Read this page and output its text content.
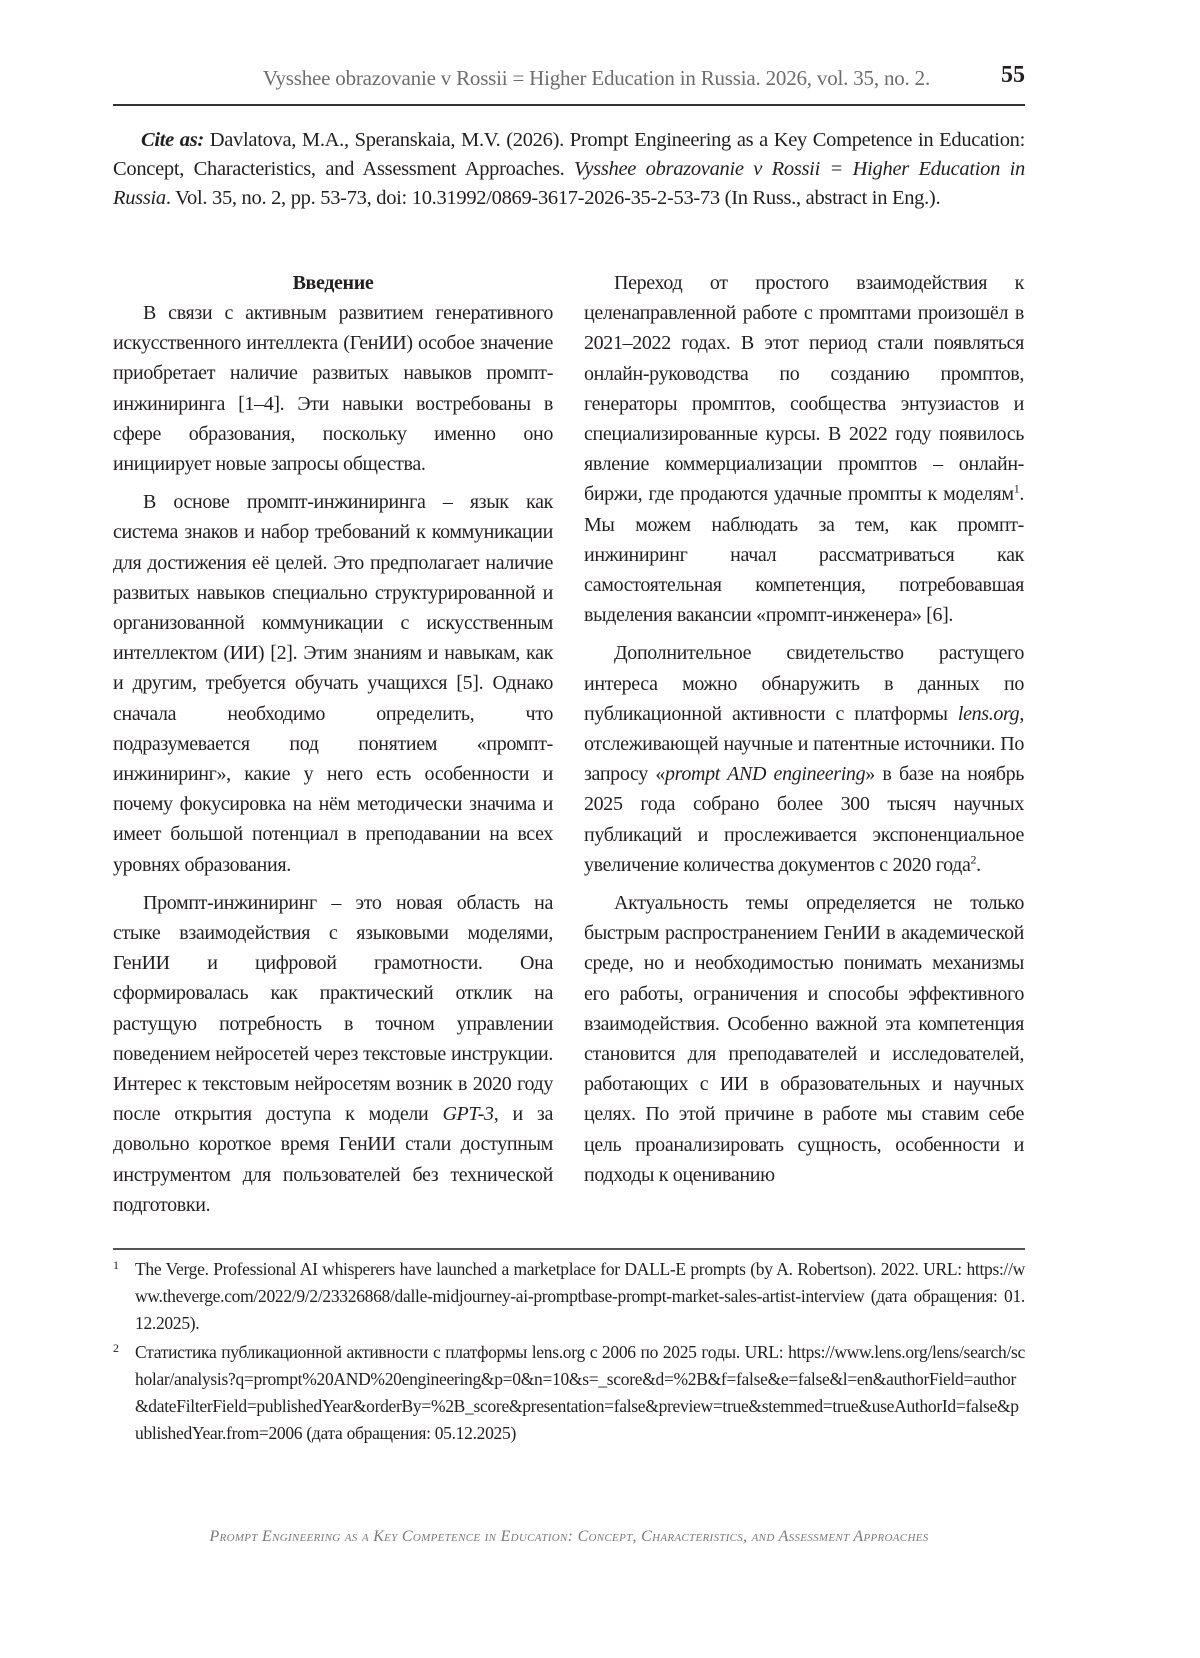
Vysshee obrazovanie v Rossii = Higher Education in Russia. 2026, vol. 35, no. 2.	55
Cite as: Davlatova, M.A., Speranskaia, M.V. (2026). Prompt Engineering as a Key Competence in Education: Concept, Characteristics, and Assessment Approaches. Vysshee obrazovanie v Rossii = Higher Education in Russia. Vol. 35, no. 2, pp. 53-73, doi: 10.31992/0869-3617-2026-35-2-53-73 (In Russ., abstract in Eng.).
Введение

В связи с активным развитием генеративного искусственного интеллекта (ГенИИ) особое значение приобретает наличие развитых навыков промпт-инжиниринга [1–4]. Эти навыки востребованы в сфере образования, поскольку именно оно инициирует новые запросы общества.

В основе промпт-инжиниринга – язык как система знаков и набор требований к коммуникации для достижения её целей. Это предполагает наличие развитых навыков специально структурированной и организованной коммуникации с искусственным интеллектом (ИИ) [2]. Этим знаниям и навыкам, как и другим, требуется обучать учащихся [5]. Однако сначала необходимо определить, что подразумевается под понятием «промпт-инжиниринг», какие у него есть особенности и почему фокусировка на нём методически значима и имеет большой потенциал в преподавании на всех уровнях образования.

Промпт-инжиниринг – это новая область на стыке взаимодействия с языковыми моделями, ГенИИ и цифровой грамотности. Она сформировалась как практический отклик на растущую потребность в точном управлении поведением нейросетей через текстовые инструкции. Интерес к текстовым нейросетям возник в 2020 году после открытия доступа к модели GPT-3, и за довольно короткое время ГенИИ стали доступным инструментом для пользователей без технической подготовки.

Переход от простого взаимодействия к целенаправленной работе с промптами произошёл в 2021–2022 годах. В этот период стали появляться онлайн-руководства по созданию промптов, генераторы промптов, сообщества энтузиастов и специализированные курсы. В 2022 году появилось явление коммерциализации промптов – онлайн-биржи, где продаются удачные промпты к моделям$^1$. Мы можем наблюдать за тем, как промпт-инжиниринг начал рассматриваться как самостоятельная компетенция, потребовавшая выделения вакансии «промпт-инженера» [6].

Дополнительное свидетельство растущего интереса можно обнаружить в данных по публикационной активности с платформы lens.org, отслеживающей научные и патентные источники. По запросу «prompt AND engineering» в базе на ноябрь 2025 года собрано более 300 тысяч научных публикаций и прослеживается экспоненциальное увеличение количества документов с 2020 года$^2$.

Актуальность темы определяется не только быстрым распространением ГенИИ в академической среде, но и необходимостью понимать механизмы его работы, ограничения и способы эффективного взаимодействия. Особенно важной эта компетенция становится для преподавателей и исследователей, работающих с ИИ в образовательных и научных целях. По этой причине в работе мы ставим себе цель проанализировать сущность, особенности и подходы к оцениванию

1 The Verge. Professional AI whisperers have launched a marketplace for DALL-E prompts (by A. Robertson). 2022. URL: https://www.theverge.com/2022/9/2/23326868/dalle-midjourney-ai-promptbase-prompt-market-sales-artist-interview (дата обращения: 01.12.2025).
2 Статистика публикационной активности с платформы lens.org с 2006 по 2025 годы. URL: https://www.lens.org/lens/search/scholar/analysis?q=prompt%20AND%20engineering&p=0&n=10&s=_score&d=%2B&f=false&e=false&l=en&authorField=author&dateFilterField=publishedYear&orderBy=%2B_score&presentation=false&preview=true&stemmed=true&useAuthorId=false&publishedYear.from=2006 (дата обращения: 05.12.2025)
Prompt Engineering as a Key Competence in Education: Concept, Characteristics, and Assessment Approaches
